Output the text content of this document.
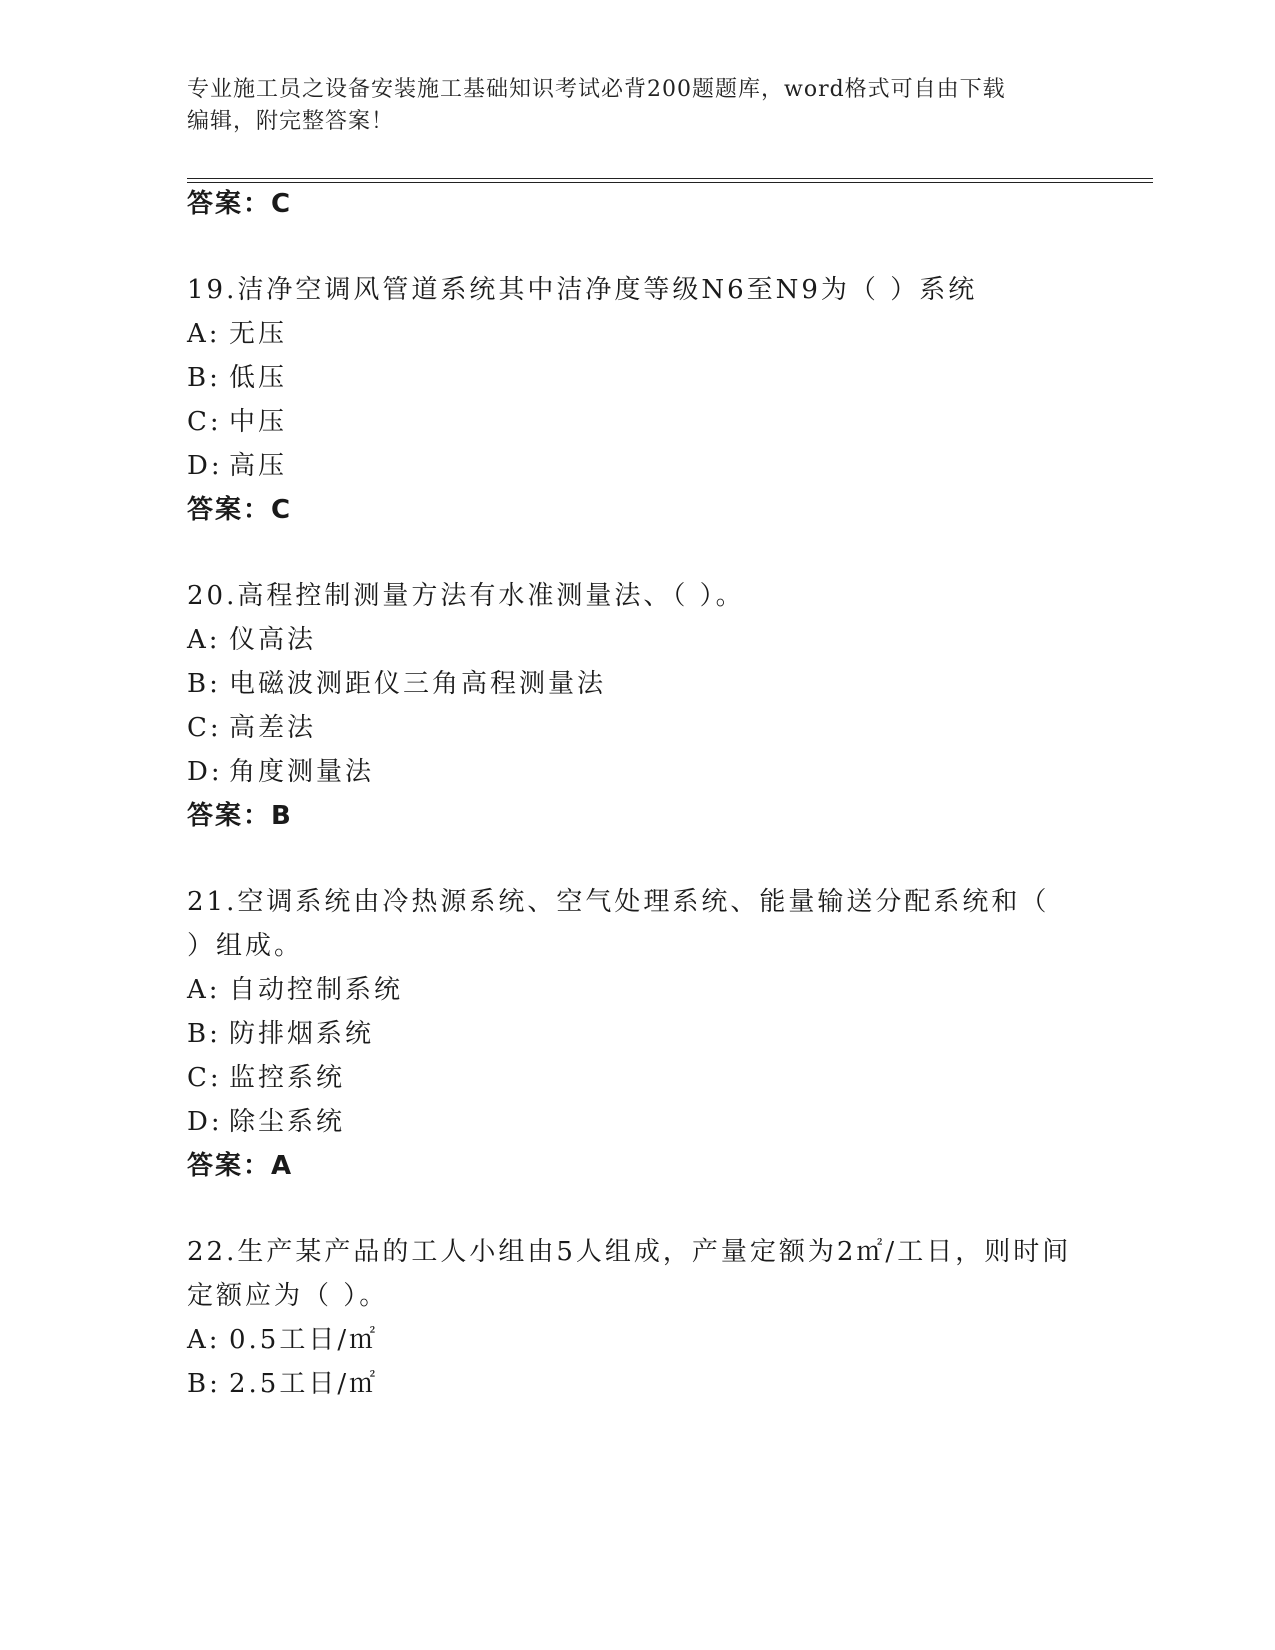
专业施工员之设备安装施工基础知识考试必背200题题库，word格式可自由下载
编辑，附完整答案！
答案：C
19.洁净空调风管道系统其中洁净度等级N6至N9为（ ）系统
A: 无压
B: 低压
C: 中压
D: 高压
答案：C
20.高程控制测量方法有水准测量法、（ ）。
A: 仪高法
B: 电磁波测距仪三角高程测量法
C: 高差法
D: 角度测量法
答案：B
21.空调系统由冷热源系统、空气处理系统、能量输送分配系统和（
）组成。
A: 自动控制系统
B: 防排烟系统
C: 监控系统
D: 除尘系统
答案：A
22.生产某产品的工人小组由5人组成，产量定额为2㎡/工日，则时间
定额应为（ ）。
A: 0.5工日/㎡
B: 2.5工日/㎡
